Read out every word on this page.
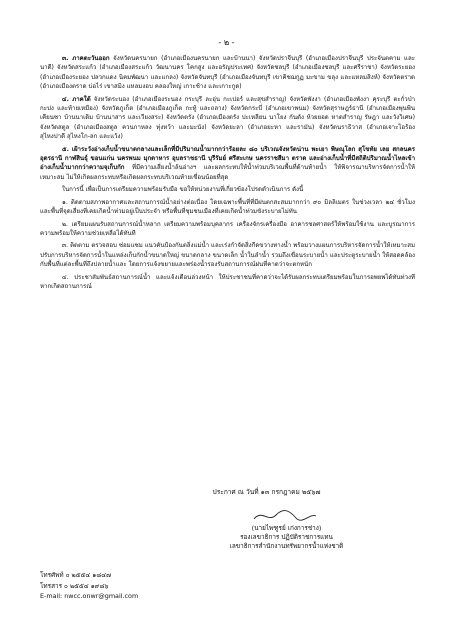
- ๒ -

๓. ภาคตะวันออก จังหวัดนครนายก (อำเภอเมืองนครนายก และบ้านนา) จังหวัดปราจีนบุรี (อำเภอเมืองปราจีนบุรี ประจันตคาม และนาดี) จังหวัดสระแก้ว (อำเภอเมืองสระแก้ว วัฒนานคร โคกสูง และอรัญประเทศ) จังหวัดชลบุรี (อำเภอเมืองชลบุรี และศรีราชา) จังหวัดระยอง (อำเภอเมืองระยอง ปลวกแดง นิคมพัฒนา และแกลง) จังหวัดจันทบุรี (อำเภอเมืองจันทบุรี เขาคิชฌกูฏ มะขาม ขลุง และแหลมสิงห์) จังหวัดตราด (อำเภอเมืองตราด บ่อไร่ เขาสมิง แหลมงอบ คลองใหญ่ เกาะช้าง และเกาะกูด)

๔. ภาคใต้ จังหวัดระนอง (อำเภอเมืองระนอง กระบุรี ละอุ่น กะเปอร์ และสุขสำราญ) จังหวัดพังงา (อำเภอเมืองพังงา คุระบุรี ตะกั่วป่า กะปง และท้ายเหมือง) จังหวัดภูเก็ต (อำเภอเมืองภูเก็ต กะทู้ และถลาง) จังหวัดกระบี่ (อำเภอเขาพนม) จังหวัดสุราษฎร์ธานี (อำเภอเมืองพุนพิน เคียนซา บ้านนาเดิม บ้านนาสาร และเวียงสระ) จังหวัดตรัง (อำเภอเมืองตรัง ปะเหลียน นาโยง กันตัง ห้วยยอด หาดสำราญ รัษฎา และวังวิเศษ) จังหวัดสตูล (อำเภอเมืองสตูล ควนกาหลง ทุ่งหว้า และมะนัง) จังหวัดยะลา (อำเภอยะหา และรามัน) จังหวัดนราธิวาส (อำเภอเจาะไอร้อง สุไหงปาดี สุไหงโก-ลก และแว้ง)

๕. เฝ้าระวังอ่างเก็บน้ำขนาดกลางและเล็กที่มีปริมาณน้ำมากกว่าร้อยละ ๘๐ บริเวณจังหวัดน่าน พะเยา พิษณุโลก สุโขทัย เลย สกลนคร อุดรธานี กาฬสินธุ์ ขอนแก่น นครพนม มุกดาหาร อุบลราชธานี บุรีรัมย์ ศรีสะเกษ นครราชสีมา ตราด และอ่างเก็บน้ำที่มีสถิติปริมาณน้ำไหลเข้าอ่างเก็บน้ำมากกว่าความจุเก็บกัก ที่มีความเสี่ยงน้ำล้นอ่างฯ และผลกระทบให้น้ำท่วมบริเวณพื้นที่ด้านท้ายน้ำ ให้พิจารณาบริหารจัดการน้ำให้เหมาะสม ไม่ให้เกิดผลกระทบหรือเกิดผลกระทบบริเวณท้ายเขื่อนน้อยที่สุด

ในการนี้ เพื่อเป็นการเตรียมความพร้อมรับมือ ขอให้หน่วยงานที่เกี่ยวข้องโปรดดำเนินการ ดังนี้

๑. ติดตามสภาพอากาศและสถานการณ์น้ำอย่างต่อเนื่อง โดยเฉพาะพื้นที่ที่มีฝนตกสะสมมากกว่า ๙๐ มิลลิเมตร ในช่วงเวลา ๒๔ ชั่วโมง และพื้นที่จุดเสี่ยงที่เคยเกิดน้ำท่วมอยู่เป็นประจำ หรือพื้นที่ชุมชนเมืองที่เคยเกิดน้ำท่วมขังระบายไม่ทัน

๒. เตรียมแผนรับสถานการณ์น้ำหลาก เตรียมความพร้อมบุคลากร เครื่องจักรเครื่องมือ อาคารชลศาสตร์ให้พร้อมใช้งาน และบูรณาการความพร้อมให้ความช่วยเหลือได้ทันที

๓. ติดตาม ตรวจสอบ ซ่อมแซม แนวคันป้องกันตลิ่งแม่น้ำ และเร่งกำจัดสิ่งกีดขวางทางน้ำ พร้อมวางแผนการบริหารจัดการน้ำให้เหมาะสม ปรับการบริหารจัดการน้ำในแหล่งเก็บกักน้ำขนาดใหญ่ ขนาดกลาง ขนาดเล็ก น้ำในลำน้ำ รวมถึงเขื่อนระบายน้ำ และประตูระบายน้ำ ให้สอดคล้องกับพื้นที่แต่ละพื้นที่ถึงปลายน้ำและ โดยการแจ้งขยายและพร่องน้ำรองรับสถานการณ์ฝนที่คาดว่าจะตกหนัก

๔. ประชาสัมพันธ์สถานการณ์น้ำ และแจ้งเตือนล่วงหน้า ให้ประชาชนที่คาดว่าจะได้รับผลกระทบเตรียมพร้อมในการอพยพได้ทันท่วงทีหากเกิดสถานการณ์

ประกาศ ณ วันที่ ๑๓ กรกฎาคม ๒๕๖๗
(นายไพฑูรย์ เก่งการช่าง)
รองเลขาธิการ ปฏิบัติราชการแทน
เลขาธิการสำนักงานทรัพยากรน้ำแห่งชาติ
โทรศัพท์ ๐ ๒๕๕๔ ๑๘๔๗
โทรสาร ๐ ๒๕๕๔ ๑๙๘๖
E-mail: nwcc.onwr@gmail.com
